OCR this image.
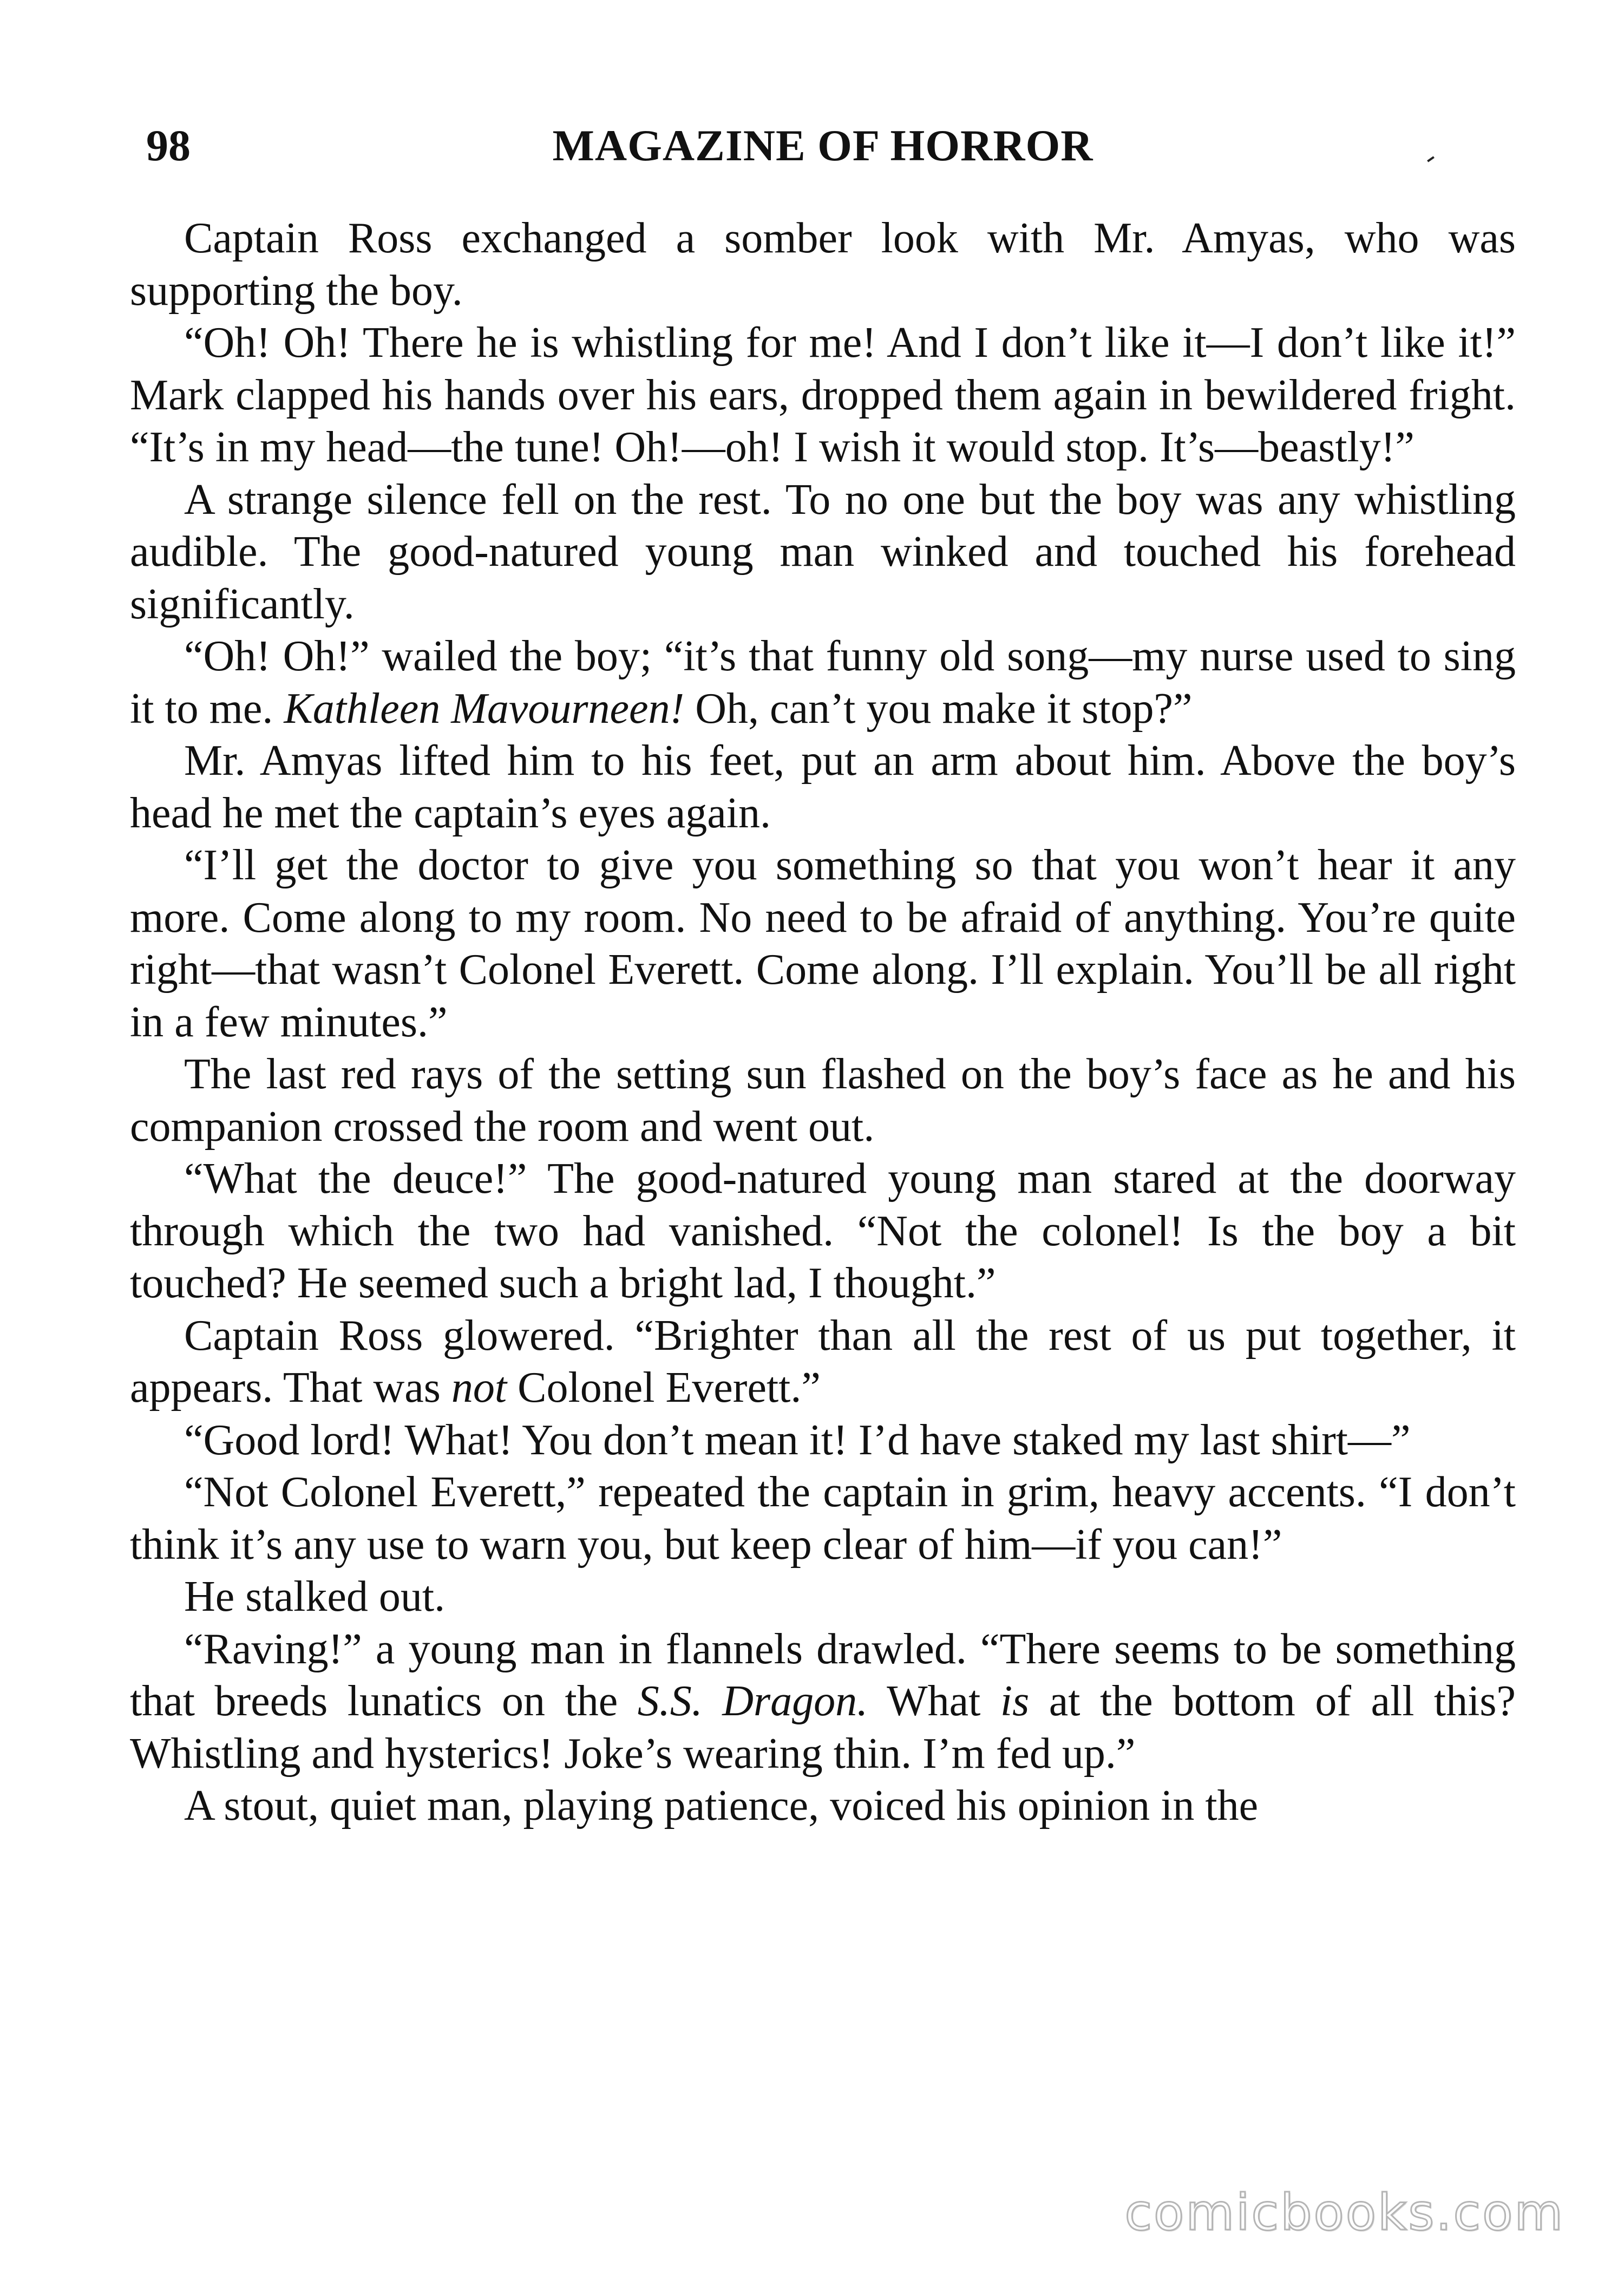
98	MAGAZINE OF HORROR

Captain Ross exchanged a somber look with Mr. Amyas, who was supporting the boy.

“Oh! Oh! There he is whistling for me! And I don’t like it—I don’t like it!” Mark clapped his hands over his ears, dropped them again in bewildered fright. “It’s in my head—the tune! Oh!—oh! I wish it would stop. It’s—beastly!”

A strange silence fell on the rest. To no one but the boy was any whistling audible. The good-natured young man winked and touched his forehead significantly.

“Oh! Oh!” wailed the boy; “it’s that funny old song—my nurse used to sing it to me. Kathleen Mavourneen! Oh, can’t you make it stop?”

Mr. Amyas lifted him to his feet, put an arm about him. Above the boy’s head he met the captain’s eyes again.

“I’ll get the doctor to give you something so that you won’t hear it any more. Come along to my room. No need to be afraid of anything. You’re quite right—that wasn’t Colonel Everett. Come along. I’ll explain. You’ll be all right in a few minutes.”

The last red rays of the setting sun flashed on the boy’s face as he and his companion crossed the room and went out.

“What the deuce!” The good-natured young man stared at the doorway through which the two had vanished. “Not the colonel! Is the boy a bit touched? He seemed such a bright lad, I thought.”

Captain Ross glowered. “Brighter than all the rest of us put together, it appears. That was not Colonel Everett.”

“Good lord! What! You don’t mean it! I’d have staked my last shirt—”

“Not Colonel Everett,” repeated the captain in grim, heavy accents. “I don’t think it’s any use to warn you, but keep clear of him—if you can!”

He stalked out.

“Raving!” a young man in flannels drawled. “There seems to be something that breeds lunatics on the S.S. Dragon. What is at the bottom of all this? Whistling and hysterics! Joke’s wearing thin. I’m fed up.”

A stout, quiet man, playing patience, voiced his opinion in the

comicbooks.com
